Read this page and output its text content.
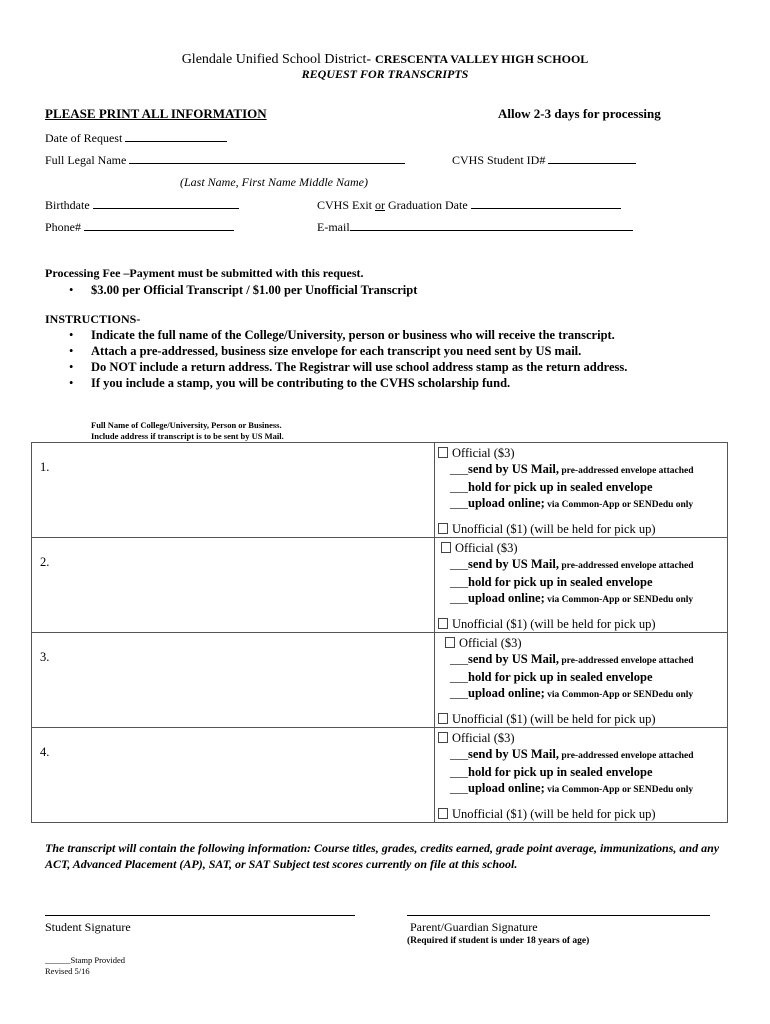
Glendale Unified School District- CRESCENTA VALLEY HIGH SCHOOL
REQUEST FOR TRANSCRIPTS
PLEASE PRINT ALL INFORMATION	Allow 2-3 days for processing
Date of Request
Full Legal Name	CVHS Student ID#
(Last Name, First Name Middle Name)
Birthdate	CVHS Exit or Graduation Date
Phone#	E-mail
Processing Fee –Payment must be submitted with this request.
• $3.00 per Official Transcript / $1.00 per Unofficial Transcript
INSTRUCTIONS-
• Indicate the full name of the College/University, person or business who will receive the transcript.
• Attach a pre-addressed, business size envelope for each transcript you need sent by US mail.
• Do NOT include a return address. The Registrar will use school address stamp as the return address.
• If you include a stamp, you will be contributing to the CVHS scholarship fund.
Full Name of College/University, Person or Business.
Include address if transcript is to be sent by US Mail.
1.	Official ($3)
___send by US Mail, pre-addressed envelope attached
___hold for pick up in sealed envelope
___upload online; via Common-App or SENDedu only
Unofficial ($1) (will be held for pick up)

2.	Official ($3)
___send by US Mail, pre-addressed envelope attached
___hold for pick up in sealed envelope
___upload online; via Common-App or SENDedu only
Unofficial ($1) (will be held for pick up)

3.	Official ($3)
___send by US Mail, pre-addressed envelope attached
___hold for pick up in sealed envelope
___upload online; via Common-App or SENDedu only
Unofficial ($1) (will be held for pick up)

4.	Official ($3)
___send by US Mail, pre-addressed envelope attached
___hold for pick up in sealed envelope
___upload online; via Common-App or SENDedu only
Unofficial ($1) (will be held for pick up)
The transcript will contain the following information: Course titles, grades, credits earned, grade point average, immunizations, and any ACT, Advanced Placement (AP), SAT, or SAT Subject test scores currently on file at this school.
Student Signature	Parent/Guardian Signature
(Required if student is under 18 years of age)
______Stamp Provided
Revised 5/16
